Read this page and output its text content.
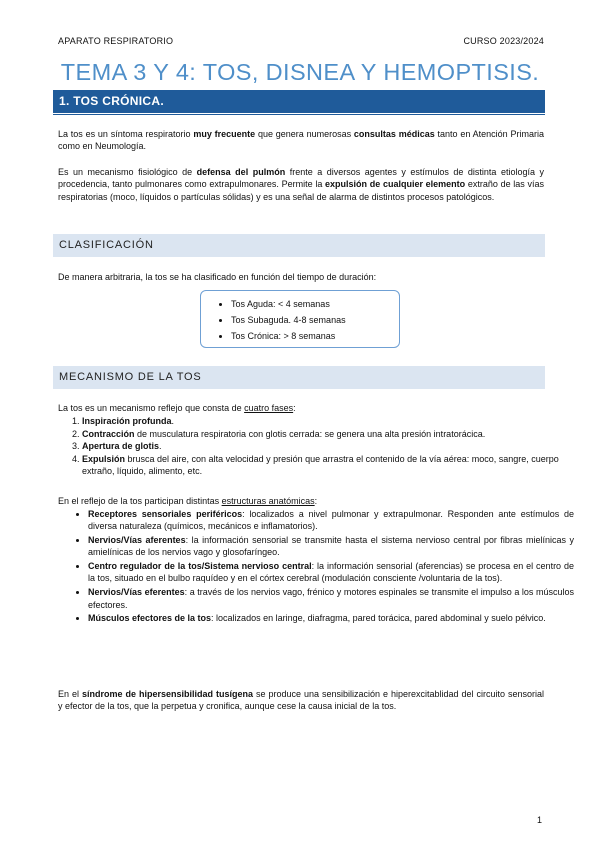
APARATO RESPIRATORIO	CURSO 2023/2024
TEMA 3 Y 4: TOS, DISNEA Y HEMOPTISIS.
1. TOS CRÓNICA.
La tos es un síntoma respiratorio muy frecuente que genera numerosas consultas médicas tanto en Atención Primaria como en Neumología.
Es un mecanismo fisiológico de defensa del pulmón frente a diversos agentes y estímulos de distinta etiología y procedencia, tanto pulmonares como extrapulmonares. Permite la expulsión de cualquier elemento extraño de las vías respiratorias (moco, líquidos o partículas sólidas) y es una señal de alarma de distintos procesos patológicos.
CLASIFICACIÓN
De manera arbitraria, la tos se ha clasificado en función del tiempo de duración:
• Tos Aguda: < 4 semanas
• Tos Subaguda. 4-8 semanas
• Tos Crónica: > 8 semanas
MECANISMO DE LA TOS
La tos es un mecanismo reflejo que consta de cuatro fases:
1. Inspiración profunda.
2. Contracción de musculatura respiratoria con glotis cerrada: se genera una alta presión intratorácica.
3. Apertura de glotis.
4. Expulsión brusca del aire, con alta velocidad y presión que arrastra el contenido de la vía aérea: moco, sangre, cuerpo extraño, líquido, alimento, etc.
En el reflejo de la tos participan distintas estructuras anatómicas:
• Receptores sensoriales periféricos: localizados a nivel pulmonar y extrapulmonar. Responden ante estímulos de diversa naturaleza (químicos, mecánicos e inflamatorios).
• Nervios/Vías aferentes: la información sensorial se transmite hasta el sistema nervioso central por fibras mielínicas y amielínicas de los nervios vago y glosofaríngeo.
• Centro regulador de la tos/Sistema nervioso central: la información sensorial (aferencias) se procesa en el centro de la tos, situado en el bulbo raquídeo y en el córtex cerebral (modulación consciente /voluntaria de la tos).
• Nervios/Vías eferentes: a través de los nervios vago, frénico y motores espinales se transmite el impulso a los músculos efectores.
• Músculos efectores de la tos: localizados en laringe, diafragma, pared torácica, pared abdominal y suelo pélvico.
En el síndrome de hipersensibilidad tusígena se produce una sensibilización e hiperexcitablidad del circuito sensorial y efector de la tos, que la perpetua y cronifica, aunque cese la causa inicial de la tos.
1
